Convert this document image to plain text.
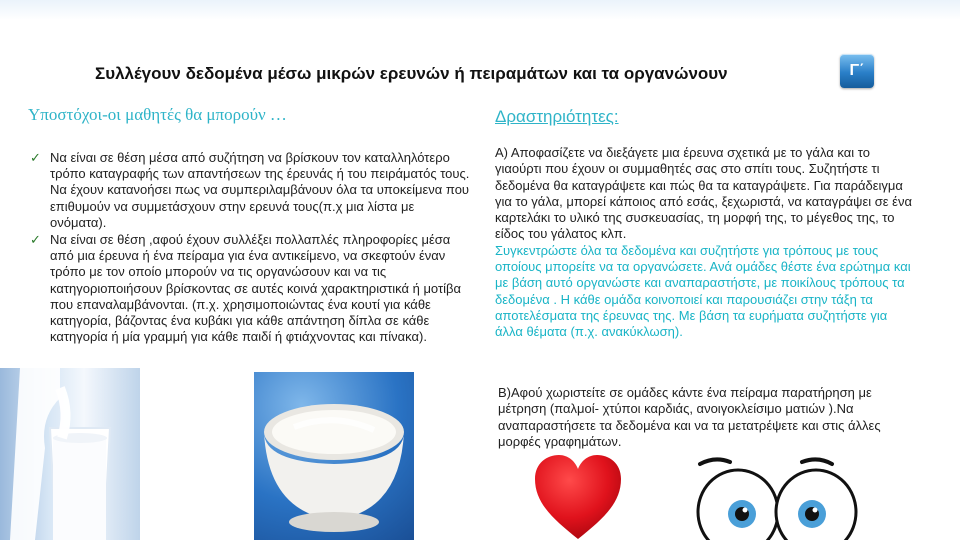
Συλλέγουν δεδομένα μέσω μικρών ερευνών ή πειραμάτων και τα οργανώνουν	Γ΄
Υποστόχοι-οι μαθητές θα μπορούν …
✓ Να είναι σε θέση μέσα από συζήτηση να βρίσκουν τον καταλληλότερο τρόπο καταγραφής των απαντήσεων της έρευνάς ή του πειράματός τους. Να έχουν κατανοήσει πως να συμπεριλαμβάνουν όλα τα υποκείμενα που επιθυμούν να συμμετάσχουν στην ερευνά τους(π.χ μια λίστα με ονόματα).
✓ Να είναι σε θέση ,αφού έχουν συλλέξει πολλαπλές πληροφορίες μέσα από μια έρευνα ή ένα πείραμα για ένα αντικείμενο, να σκεφτούν έναν τρόπο με τον οποίο μπορούν να τις οργανώσουν και να τις κατηγοριοποιήσουν βρίσκοντας σε αυτές κοινά χαρακτηριστικά ή μοτίβα που επαναλαμβάνονται. (π.χ. χρησιμοποιώντας ένα κουτί για κάθε κατηγορία, βάζοντας ένα κυβάκι για κάθε απάντηση δίπλα σε κάθε κατηγορία ή μία γραμμή για κάθε παιδί ή φτιάχνοντας και πίνακα).
Δραστηριότητες:

Α) Αποφασίζετε να διεξάγετε μια έρευνα σχετικά με το γάλα και το γιαούρτι που έχουν οι συμμαθητές σας στο σπίτι τους. Συζητήστε τι δεδομένα θα καταγράψετε και πώς θα τα καταγράψετε. Για παράδειγμα για το γάλα, μπορεί κάποιος από εσάς, ξεχωριστά, να καταγράψει σε ένα καρτελάκι το υλικό της συσκευασίας, τη μορφή της, το μέγεθος της, το είδος του γάλατος κλπ.

Συγκεντρώστε όλα τα δεδομένα και συζητήστε για τρόπους με τους οποίους μπορείτε να τα οργανώσετε. Ανά ομάδες θέστε ένα ερώτημα και με βάση αυτό οργανώστε και αναπαραστήστε, με ποικίλους τρόπους τα δεδομένα . Η κάθε ομάδα κοινοποιεί και παρουσιάζει στην τάξη τα αποτελέσματα της έρευνας της. Με βάση τα ευρήματα συζητήστε για άλλα θέματα (π.χ. ανακύκλωση).

Β)Αφού χωριστείτε σε ομάδες κάντε ένα πείραμα παρατήρηση με μέτρηση (παλμοί- χτύποι καρδιάς, ανοιγοκλείσιμο ματιών ).Να αναπαραστήσετε τα δεδομένα και να τα μετατρέψετε και στις άλλες μορφές γραφημάτων.
